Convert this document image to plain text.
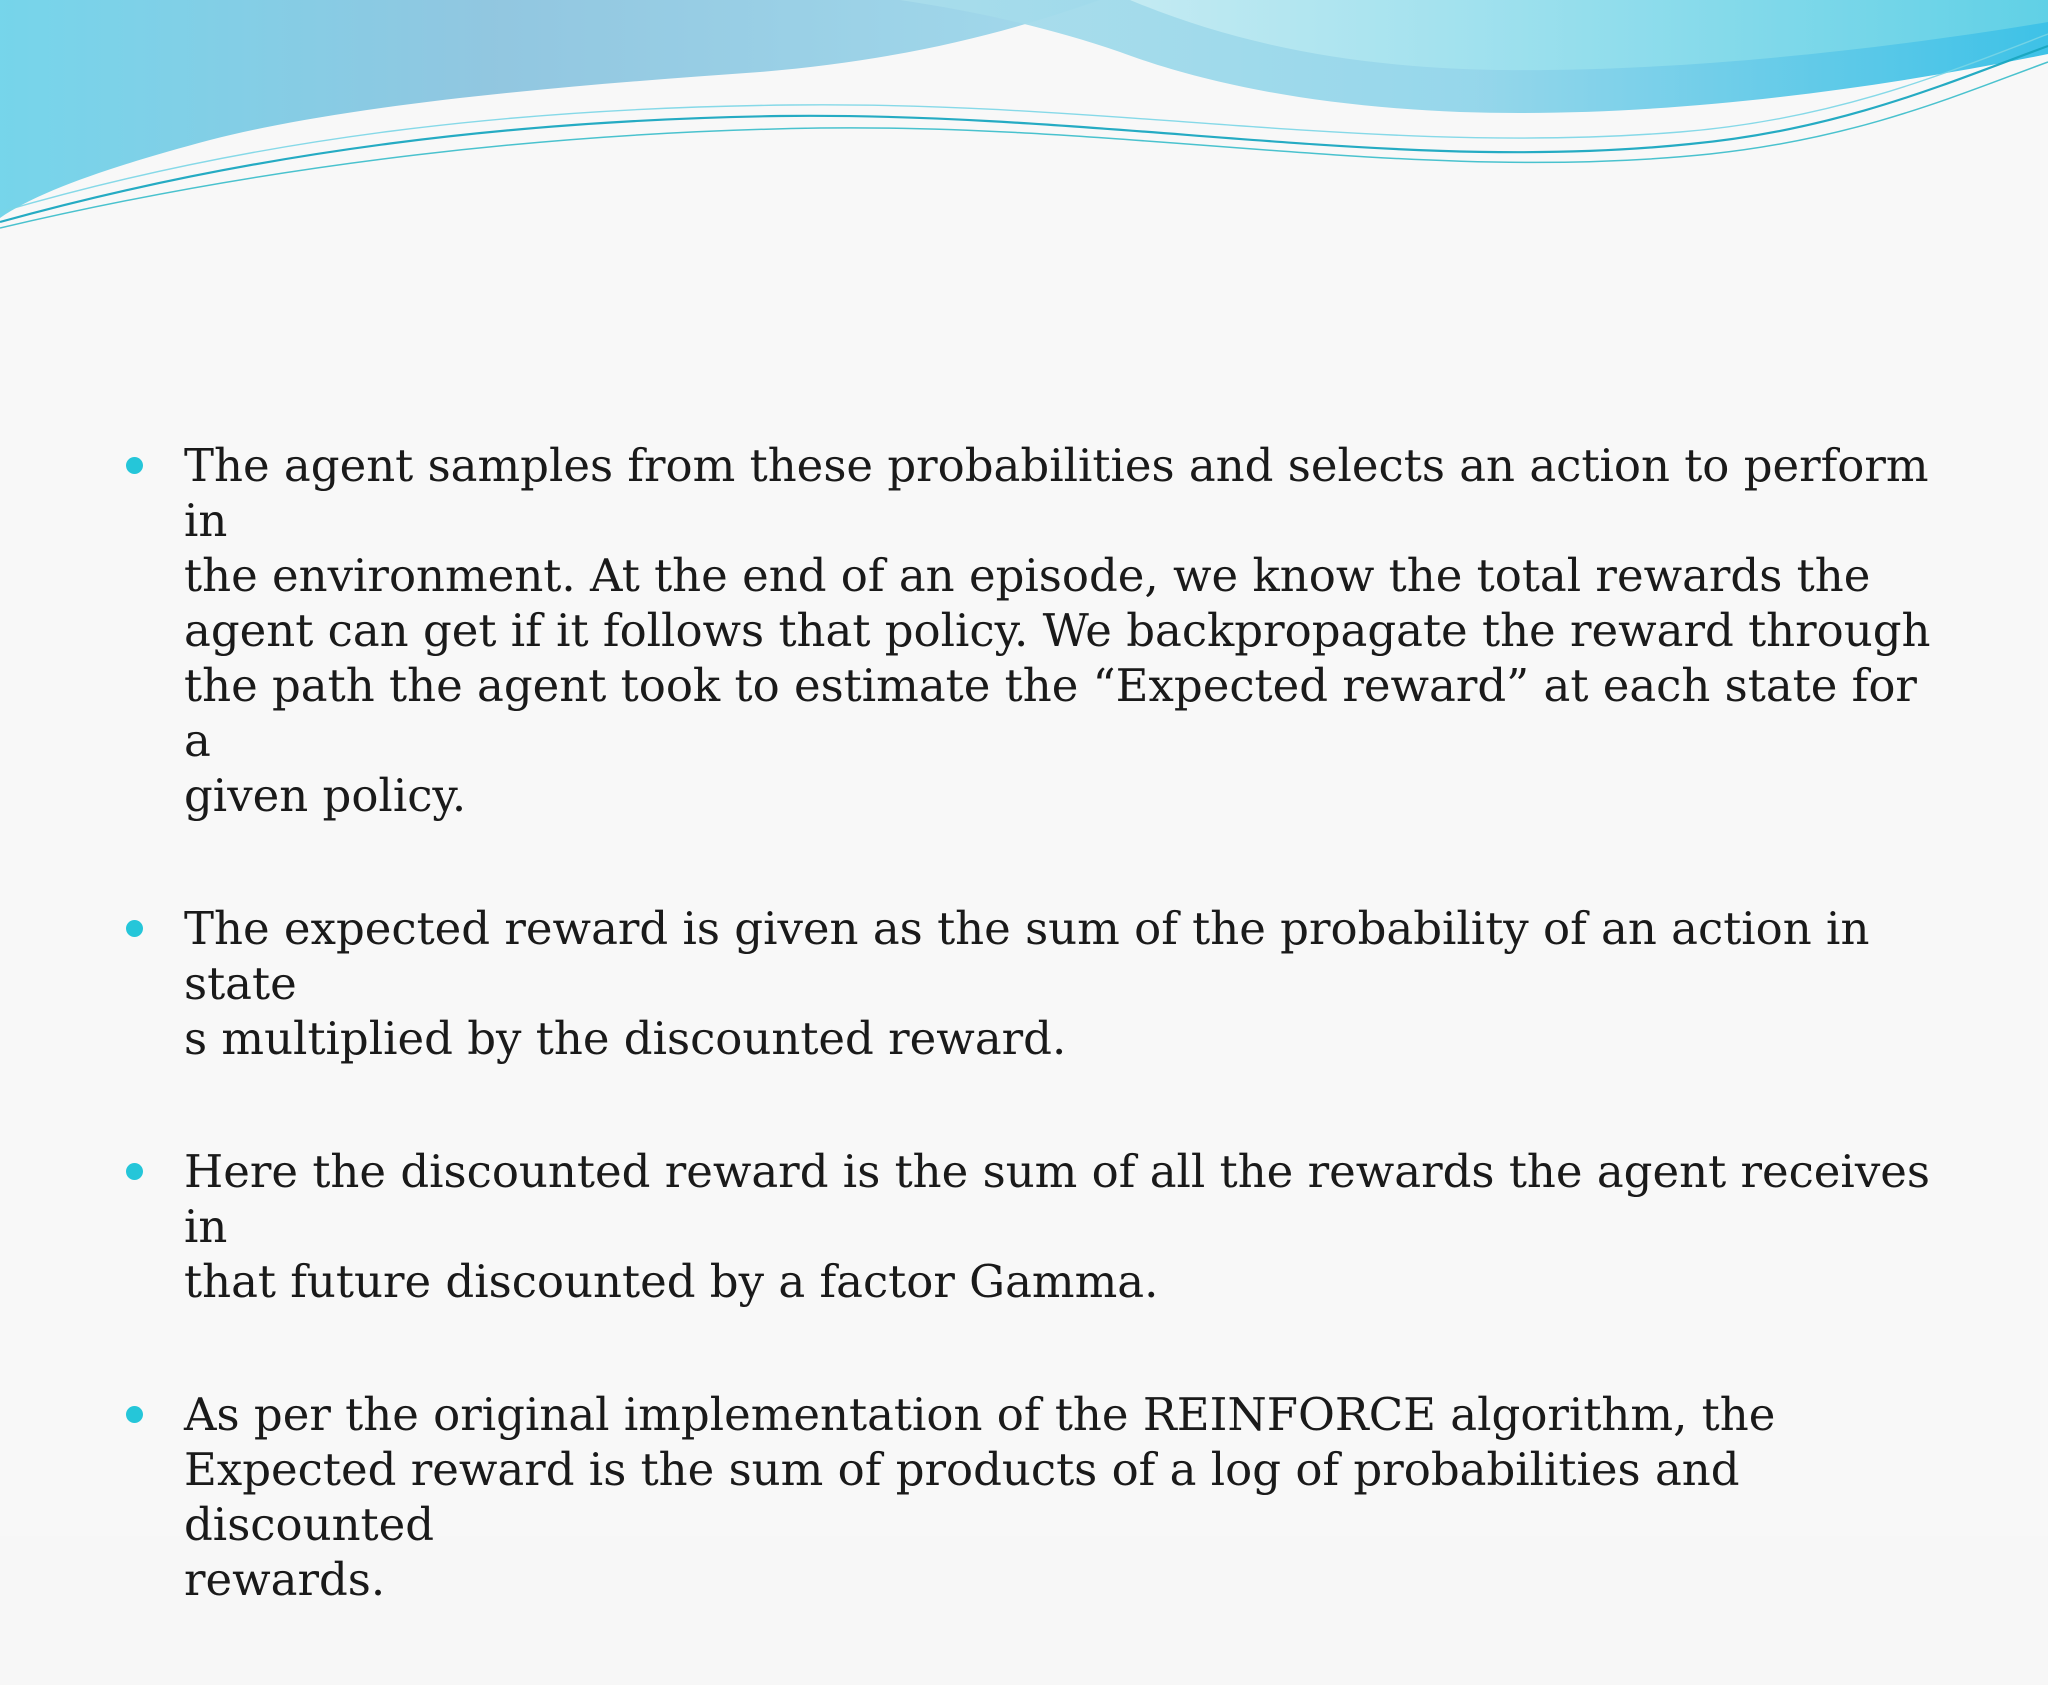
The agent samples from these probabilities and selects an action to perform in
the environment. At the end of an episode, we know the total rewards the
agent can get if it follows that policy. We backpropagate the reward through
the path the agent took to estimate the “Expected reward” at each state for a
given policy.
The expected reward is given as the sum of the probability of an action in state
s multiplied by the discounted reward.
Here the discounted reward is the sum of all the rewards the agent receives in
that future discounted by a factor Gamma.
As per the original implementation of the REINFORCE algorithm, the
Expected reward is the sum of products of a log of probabilities and discounted
rewards.
